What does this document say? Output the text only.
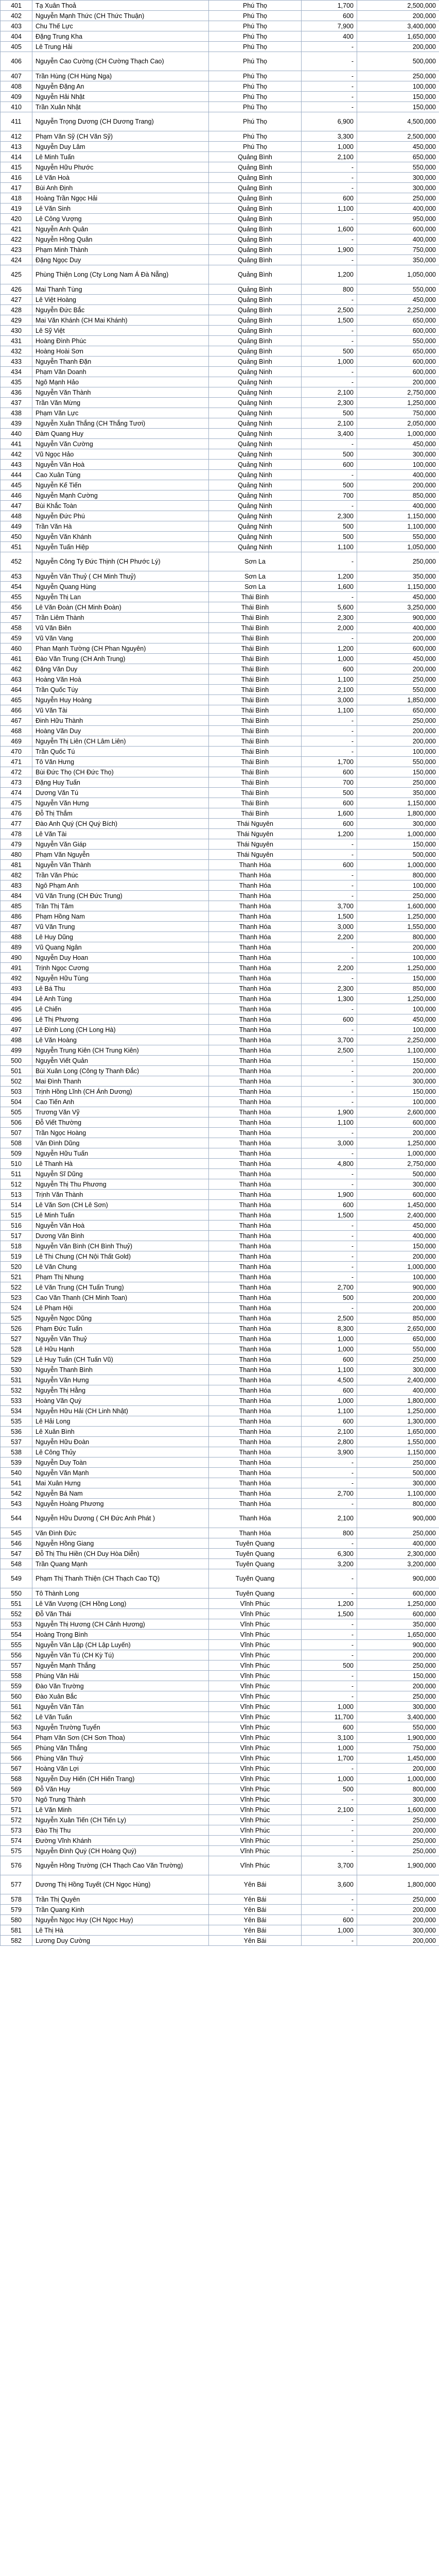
401	Tạ Xuân Thoả	Phú Thọ	1,700	2,500,000
402	Nguyễn Mạnh Thức (CH Thức Thuận)	Phú Thọ	600	200,000
403	Chu Thế Lực	Phú Thọ	7,900	3,400,000
404	Đặng Trung Kha	Phú Thọ	400	1,650,000
405	Lê Trung Hải	Phú Thọ	-	200,000
406	Nguyễn Cao Cường (CH Cường Thạch Cao)	Phú Thọ	-	500,000
407	Trần Hùng (CH Hùng Nga)	Phú Thọ	-	250,000
408	Nguyễn Đặng An	Phú Thọ	-	100,000
409	Nguyễn Hải Nhật	Phú Thọ	-	150,000
410	Trần Xuân Nhật	Phú Thọ	-	150,000
411	Nguyễn Trọng Dương (CH Dương Trang)	Phú Thọ	6,900	4,500,000
412	Phạm Văn Sỹ (CH Văn Sỹ)	Phú Thọ	3,300	2,500,000
413	Nguyễn Duy Lâm	Phú Thọ	1,000	450,000
414	Lê Minh Tuấn	Quảng Bình	2,100	650,000
415	Nguyễn Hữu Phước	Quảng Bình	-	550,000
416	Lê Văn Hoà	Quảng Bình	-	300,000
417	Bùi Anh Định	Quảng Bình	-	300,000
418	Hoàng Trần Ngọc Hải	Quảng Bình	600	250,000
419	Lê Văn Sinh	Quảng Bình	1,100	400,000
420	Lê Công Vượng	Quảng Bình	-	950,000
421	Nguyễn Anh Quân	Quảng Bình	1,600	600,000
422	Nguyễn Hồng Quân	Quảng Bình	-	400,000
423	Phạm Minh Thành	Quảng Bình	1,900	750,000
424	Đặng Ngọc Duy	Quảng Bình	-	350,000
425	Phùng Thiện Long (Cty Long Nam Á Đà Nẵng)	Quảng Bình	1,200	1,050,000
426	Mai Thanh Tùng	Quảng Bình	800	550,000
427	Lê Việt Hoàng	Quảng Bình	-	450,000
428	Nguyễn Đức Bắc	Quảng Bình	2,500	2,250,000
429	Mai Văn Khánh (CH Mai Khánh)	Quảng Bình	1,500	650,000
430	Lê Sỹ Việt	Quảng Bình	-	600,000
431	Hoàng Đình Phúc	Quảng Bình	-	550,000
432	Hoàng Hoài Sơn	Quảng Bình	500	650,000
433	Nguyễn Thanh Đặn	Quảng Bình	1,000	600,000
434	Phạm Văn Doanh	Quảng Ninh	-	600,000
435	Ngô Mạnh Hảo	Quảng Ninh	-	200,000
436	Nguyễn Văn Thành	Quảng Ninh	2,100	2,750,000
437	Trần Văn Mừng	Quảng Ninh	2,300	1,250,000
438	Phạm Văn Lực	Quảng Ninh	500	750,000
439	Nguyễn Xuân Thắng (CH Thắng Tươi)	Quảng Ninh	2,100	2,050,000
440	Đàm Quang Huy	Quảng Ninh	3,400	1,000,000
441	Nguyễn Văn Cường	Quảng Ninh	-	450,000
442	Vũ Ngọc Hảo	Quảng Ninh	500	300,000
443	Nguyễn Văn Hoà	Quảng Ninh	600	100,000
444	Cao Xuân Tùng	Quảng Ninh	-	400,000
445	Nguyễn Kế Tiến	Quảng Ninh	500	200,000
446	Nguyễn Mạnh Cường	Quảng Ninh	700	850,000
447	Bùi Khắc Toàn	Quảng Ninh	-	400,000
448	Nguyễn Đức Phú	Quảng Ninh	2,300	1,150,000
449	Trần Văn Hà	Quảng Ninh	500	1,100,000
450	Nguyễn Văn Khánh	Quảng Ninh	500	550,000
451	Nguyễn Tuấn Hiệp	Quảng Ninh	1,100	1,050,000
452	Nguyễn Công Ty Đức Thịnh (CH Phước Lý)	Sơn La	-	250,000
453	Nguyễn Văn Thuỷ ( CH Minh Thuỷ)	Sơn La	1,200	350,000
454	Nguyễn Quang Hùng	Sơn La	1,600	1,150,000
455	Nguyễn Thị Lan	Thái Bình	-	450,000
456	Lê Văn Đoàn (CH Minh Đoàn)	Thái Bình	5,600	3,250,000
457	Trần Liêm Thành	Thái Bình	2,300	900,000
458	Vũ Văn Biên	Thái Bình	2,000	400,000
459	Vũ Văn Vang	Thái Bình	-	200,000
460	Phan Mạnh Tường (CH Phan Nguyên)	Thái Bình	1,200	600,000
461	Đào Văn Trung (CH Anh Trung)	Thái Bình	1,000	450,000
462	Đặng Văn Duy	Thái Bình	600	200,000
463	Hoàng Văn Hoà	Thái Bình	1,100	250,000
464	Trần Quốc Túy	Thái Bình	2,100	550,000
465	Nguyễn Huy Hoàng	Thái Bình	3,000	1,850,000
466	Vũ Văn Tài	Thái Bình	1,100	650,000
467	Đinh Hữu Thành	Thái Bình	-	250,000
468	Hoàng Văn Duy	Thái Bình	-	200,000
469	Nguyễn Thị Liên (CH Lâm Liên)	Thái Bình	-	200,000
470	Trần Quốc Tú	Thái Bình	-	100,000
471	Tô Văn Hưng	Thái Bình	1,700	550,000
472	Bùi Đức Thọ (CH Đức Thọ)	Thái Bình	600	150,000
473	Đặng Huy Tuấn	Thái Bình	700	250,000
474	Dương Văn Tú	Thái Bình	500	350,000
475	Nguyễn Văn Hưng	Thái Bình	600	1,150,000
476	Đỗ Thị Thắm	Thái Bình	1,600	1,800,000
477	Đào Anh Quý (CH Quý Bích)	Thái Nguyên	600	300,000
478	Lê Văn Tài	Thái Nguyên	1,200	1,000,000
479	Nguyễn Văn Giáp	Thái Nguyên	-	150,000
480	Phạm Văn Nguyễn	Thái Nguyên	-	500,000
481	Nguyễn Văn Thành	Thanh Hóa	600	1,000,000
482	Trần Văn Phúc	Thanh Hóa	-	800,000
483	Ngô Phạm Anh	Thanh Hóa	-	100,000
484	Vũ Văn Trung (CH Đức Trung)	Thanh Hóa	-	250,000
485	Trần Thị Tâm	Thanh Hóa	3,700	1,600,000
486	Phạm Hồng Nam	Thanh Hóa	1,500	1,250,000
487	Vũ Văn Trung	Thanh Hóa	3,000	1,550,000
488	Lê Huy Dũng	Thanh Hóa	2,200	800,000
489	Vũ Quang Ngân	Thanh Hóa	-	200,000
490	Nguyễn Duy Hoan	Thanh Hóa	-	100,000
491	Trịnh Ngọc Cương	Thanh Hóa	2,200	1,250,000
492	Nguyễn Hữu Tùng	Thanh Hóa	-	150,000
493	Lê Bá Thu	Thanh Hóa	2,300	850,000
494	Lê Anh Tùng	Thanh Hóa	1,300	1,250,000
495	Lê Chiến	Thanh Hóa	-	100,000
496	Lê Thị Phương	Thanh Hóa	600	450,000
497	Lê Đình Long (CH Long Hà)	Thanh Hóa	-	100,000
498	Lê Văn Hoàng	Thanh Hóa	3,700	2,250,000
499	Nguyễn Trung Kiên (CH Trung Kiên)	Thanh Hóa	2,500	1,100,000
500	Nguyễn Viết Quản	Thanh Hóa	-	150,000
501	Bùi Xuân Long (Công ty Thanh Đắc)	Thanh Hóa	-	200,000
502	Mai Đình Thanh	Thanh Hóa	-	300,000
503	Trịnh Hồng Lĩnh (CH Ánh Dương)	Thanh Hóa	-	150,000
504	Cao Tiến Anh	Thanh Hóa	-	100,000
505	Trương Văn Vỹ	Thanh Hóa	1,900	2,600,000
506	Đỗ Viết Thường	Thanh Hóa	1,100	600,000
507	Trần Ngọc Hoàng	Thanh Hóa	-	200,000
508	Văn Đình Dũng	Thanh Hóa	3,000	1,250,000
509	Nguyễn Hữu Tuấn	Thanh Hóa	-	1,000,000
510	Lê Thanh Hà	Thanh Hóa	4,800	2,750,000
511	Nguyễn Sĩ Dũng	Thanh Hóa	-	500,000
512	Nguyễn Thị Thu Phương	Thanh Hóa	-	300,000
513	Trịnh Văn Thành	Thanh Hóa	1,900	600,000
514	Lê Văn Sơn (CH Lê Sơn)	Thanh Hóa	600	1,450,000
515	Lê Minh Tuấn	Thanh Hóa	1,500	2,400,000
516	Nguyễn Văn Hoà	Thanh Hóa	-	450,000
517	Dương Văn Bình	Thanh Hóa	-	400,000
518	Nguyễn Văn Bình (CH Bình Thuỷ)	Thanh Hóa	-	150,000
519	Lê Thi Chung (CH Nội Thất Gold)	Thanh Hóa	-	200,000
520	Lê Văn Chung	Thanh Hóa	-	1,000,000
521	Phạm Thị Nhung	Thanh Hóa	-	100,000
522	Lê Văn Trung (CH Tuấn Trung)	Thanh Hóa	2,700	900,000
523	Cao Văn Thanh (CH Minh Toan)	Thanh Hóa	500	200,000
524	Lê Phạm Hội	Thanh Hóa	-	200,000
525	Nguyễn Ngọc Dũng	Thanh Hóa	2,500	850,000
526	Phạm Đức Tuấn	Thanh Hóa	8,300	2,650,000
527	Nguyễn Văn Thuỷ	Thanh Hóa	1,000	650,000
528	Lê Hữu Hạnh	Thanh Hóa	1,000	550,000
529	Lê Huy Tuấn (CH Tuấn Vũ)	Thanh Hóa	600	250,000
530	Nguyễn Thanh Bình	Thanh Hóa	1,100	300,000
531	Nguyễn Văn Hưng	Thanh Hóa	4,500	2,400,000
532	Nguyễn Thị Hằng	Thanh Hóa	600	400,000
533	Hoàng Văn Quý	Thanh Hóa	1,000	1,800,000
534	Nguyễn Hữu Hải (CH Linh Nhật)	Thanh Hóa	1,100	1,250,000
535	Lê Hải Long	Thanh Hóa	600	1,300,000
536	Lê Xuân Bình	Thanh Hóa	2,100	1,650,000
537	Nguyễn Hữu Đoàn	Thanh Hóa	2,800	1,550,000
538	Lê Công Thủy	Thanh Hóa	3,900	1,150,000
539	Nguyễn Duy Toàn	Thanh Hóa	-	250,000
540	Nguyễn Văn Mạnh	Thanh Hóa	-	500,000
541	Mai Xuân Hưng	Thanh Hóa	-	300,000
542	Nguyễn Bá Nam	Thanh Hóa	2,700	1,100,000
543	Nguyễn Hoàng Phương	Thanh Hóa	-	800,000
544	Nguyễn Hữu Dương ( CH Đức Anh Phát )	Thanh Hóa	2,100	900,000
545	Văn Đình Đức	Thanh Hóa	800	250,000
546	Nguyễn Hồng Giang	Tuyên Quang	-	400,000
547	Đỗ Thị Thu Hiền (CH Duy Hòa Diễn)	Tuyên Quang	6,300	2,300,000
548	Trần Quang Mạnh	Tuyên Quang	3,200	3,200,000
549	Phạm Thị Thanh Thiện (CH Thạch Cao TQ)	Tuyên Quang	-	900,000
550	Tô Thành Long	Tuyên Quang	-	600,000
551	Lê Văn Vượng (CH Hồng Long)	Vĩnh Phúc	1,200	1,250,000
552	Đỗ Văn Thái	Vĩnh Phúc	1,500	600,000
553	Nguyễn Thị Hương (CH Cảnh Hương)	Vĩnh Phúc	-	350,000
554	Hoàng Trọng Bình	Vĩnh Phúc	-	1,650,000
555	Nguyễn Văn Lập (CH Lập Luyến)	Vĩnh Phúc	-	900,000
556	Nguyễn Văn Tú (CH Kỳ Tú)	Vĩnh Phúc	-	200,000
557	Nguyễn Mạnh Thắng	Vĩnh Phúc	500	250,000
558	Phùng Văn Hải	Vĩnh Phúc	-	150,000
559	Đào Văn Trường	Vĩnh Phúc	-	200,000
560	Đào Xuân Bắc	Vĩnh Phúc	-	250,000
561	Nguyễn Văn Tân	Vĩnh Phúc	1,000	300,000
562	Lê Văn Tuấn	Vĩnh Phúc	11,700	3,400,000
563	Nguyễn Trường Tuyển	Vĩnh Phúc	600	550,000
564	Phạm Văn Sơn (CH Sơn Thoa)	Vĩnh Phúc	3,100	1,900,000
565	Phùng Văn Thắng	Vĩnh Phúc	1,000	750,000
566	Phùng Văn Thuỷ	Vĩnh Phúc	1,700	1,450,000
567	Hoàng Văn Lợi	Vĩnh Phúc	-	200,000
568	Nguyễn Duy Hiến (CH Hiến Trang)	Vĩnh Phúc	1,000	1,000,000
569	Đỗ Văn Huy	Vĩnh Phúc	500	800,000
570	Ngô Trung Thành	Vĩnh Phúc	-	300,000
571	Lê Văn Minh	Vĩnh Phúc	2,100	1,600,000
572	Nguyễn Xuân Tiến (CH Tiến Ly)	Vĩnh Phúc	-	250,000
573	Đào Thị Thu	Vĩnh Phúc	-	200,000
574	Đường Vĩnh Khánh	Vĩnh Phúc	-	250,000
575	Nguyễn Đình Quý (CH Hoàng Quý)	Vĩnh Phúc	-	250,000
576	Nguyễn Hồng Trường (CH Thạch Cao Văn Trường)	Vĩnh Phúc	3,700	1,900,000
577	Dương Thị Hồng Tuyết (CH Ngọc Hùng)	Yên Bái	3,600	1,800,000
578	Trần Thị Quyên	Yên Bái	-	250,000
579	Trần Quang Kinh	Yên Bái	-	200,000
580	Nguyễn Ngọc Huy (CH Ngọc Huy)	Yên Bái	600	200,000
581	Lê Thị Hà	Yên Bái	1,000	300,000
582	Lương Duy Cường	Yên Bái	-	200,000
